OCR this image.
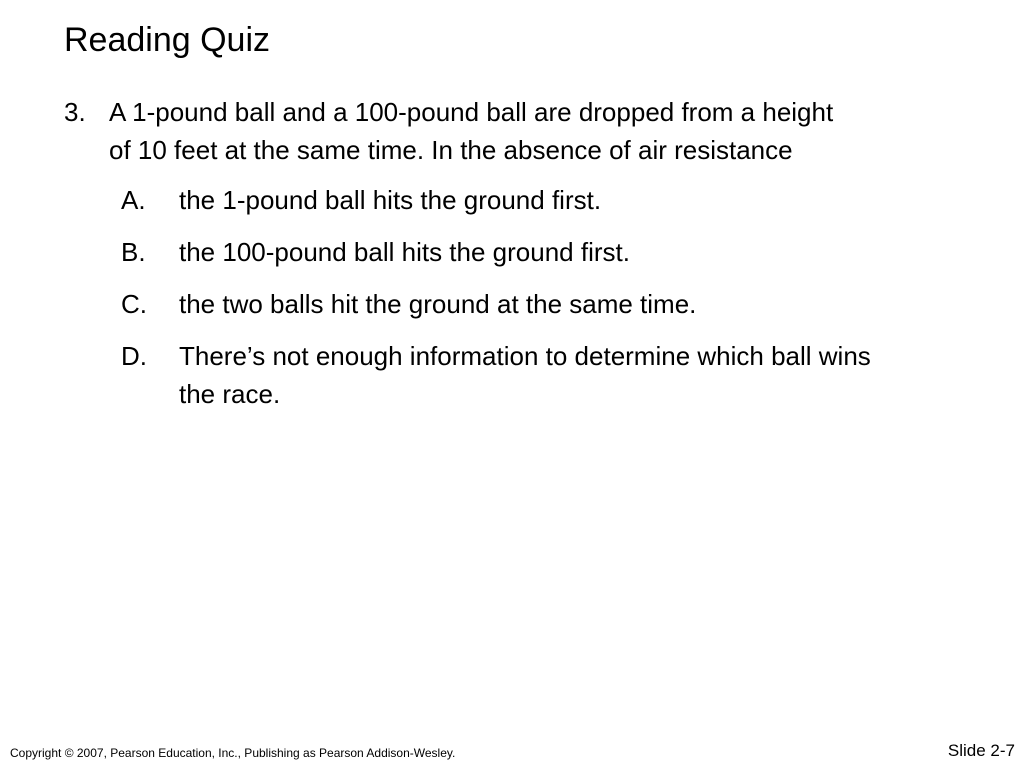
Reading Quiz
3. A 1-pound ball and a 100-pound ball are dropped from a height
of 10 feet at the same time. In the absence of air resistance
A. the 1-pound ball hits the ground first.
B. the 100-pound ball hits the ground first.
C. the two balls hit the ground at the same time.
D. There’s not enough information to determine which ball wins
the race.
Copyright © 2007, Pearson Education, Inc., Publishing as Pearson Addison-Wesley.	Slide 2-7
